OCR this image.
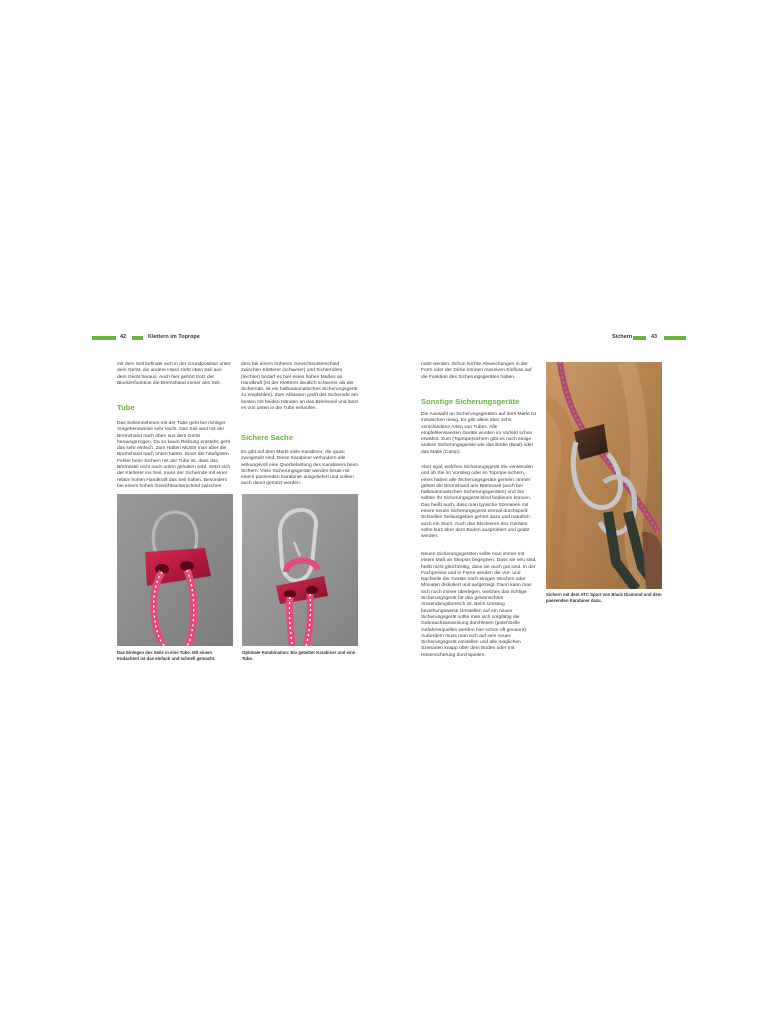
42	Klettern im Toprope	Sichern	43
mit dem Seil befindet sich in der Grundposition unter dem Gerät, die andere Hand zieht oben Seil aus dem Gerät heraus. Auch hier gehört trotz der Blockierfunktion die Bremshand immer ans Seil.
Tube
Das Seileinnehmen mit der Tube geht bei richtiger Vorgehensweise sehr leicht. Das Seil wird mit der Bremshand nach oben aus dem Gerät herausgezogen. Da so kaum Reibung entsteht, geht das sehr einfach. Zum Halten MUSS man aber die Bremshand nach unten halten. Einer der häufigsten Fehler beim Sichern mit der Tube ist, dass das Bremsseil nicht nach unten gehalten wird. Setzt sich der Kletterer ins Seil, muss der Sichernde mit einer relativ hohen Handkraft das Seil halten. Besonders bei einem hohen Gewichtsunterschied zwischen
ders bei einem höheren Gewichtsunterschied zwischen Kletterer (schwerer) und Sicherndem (leichter) bedarf es hier eines hohen Maßes an Handkraft (ist der Kletterer deutlich schwerer als der Sichernde, ist ein halbautomatisches Sicherungsgerät zu empfehlen). Zum Ablassen greift der Sichernde am besten mit beiden Händen an das Bremsseil und lässt es von unten in die Tube einlaufen.
Sichere Sache
Es gibt auf dem Markt viele Karabiner, die quasi zweigeteilt sind. Diese Karabiner verhindern alle wirkungsvoll eine Querbelastung des Karabiners beim Sichern. Viele Sicherungsgeräte werden heute mit einem passenden Karabiner ausgeliefert und sollten auch damit genutzt werden.
Das Einlegen des Seils in eine Tube. Mit einem Endachterl ist das einfach und schnell gemacht.
Optimale Kombination: Ein geteilter Karabiner und eine Tube.
nutzt werden. Schon leichte Abweichungen in der Form oder der Dicke können massiven Einfluss auf die Funktion des Sicherungsgerätes haben.
Sonstige Sicherungsgeräte
Die Auswahl an Sicherungsgeräten auf dem Markt ist inzwischen riesig. Es gibt allein über zehn verschiedene Arten von Tubes. Alle empfehlenswerten Geräte wurden im Vorfeld schon erwähnt. Zum (Toprope)sichern gibt es noch einige andere Sicherungsgeräte wie das Birdie (Beal) oder das Matik (Camp).
Aber egal, welches Sicherungsgerät Sie verwenden und ob Sie im Vorstieg oder im Toprope sichern, eines haben alle Sicherungsgeräte gemein: Immer gehört die Bremshand ans Bremsseil (auch bei halbautomatischen Sicherungsgeräten) und Sie sollten Ihr Sicherungsgerät blind bedienen können. Das heißt auch, dass man typische Szenarien mit einem neuen Sicherungsgerät einmal durchspielt: Schnelles Seilausgeben gehört dazu und natürlich auch ein Sturz. Auch das Blockieren des Gerätes sollte kurz über dem Boden ausprobiert und geübt werden.
Neuen Sicherungsgeräten sollte man immer mit einem Maß an Skepsis begegnen. Dass sie neu sind, heißt nicht gleichzeitig, dass sie auch gut sind. In der Fachpresse und in Foren werden die Vor- und Nachteile der Geräte nach einigen Wochen oder Monaten diskutiert und aufgezeigt. Dann kann man sich noch immer überlegen, welches das richtige Sicherungsgerät für den gewünschten Anwendungsbereich ist. Beim Umstieg beziehungsweise Umstellen auf ein neues Sicherungsgerät sollte man sich sorgfältig die Gebrauchsanweisung durchlesen (potenzielle Gefahrenquellen werden hier schon oft genannt). Außerdem muss man sich auf sein neues Sicherungsgerät einstellen und alle möglichen Szenarien knapp über dem Boden oder mit Hintersicherung durchspielen.
Sichern mit dem ATC Sport von Black Diamond und dem passenden Karabiner dazu.
